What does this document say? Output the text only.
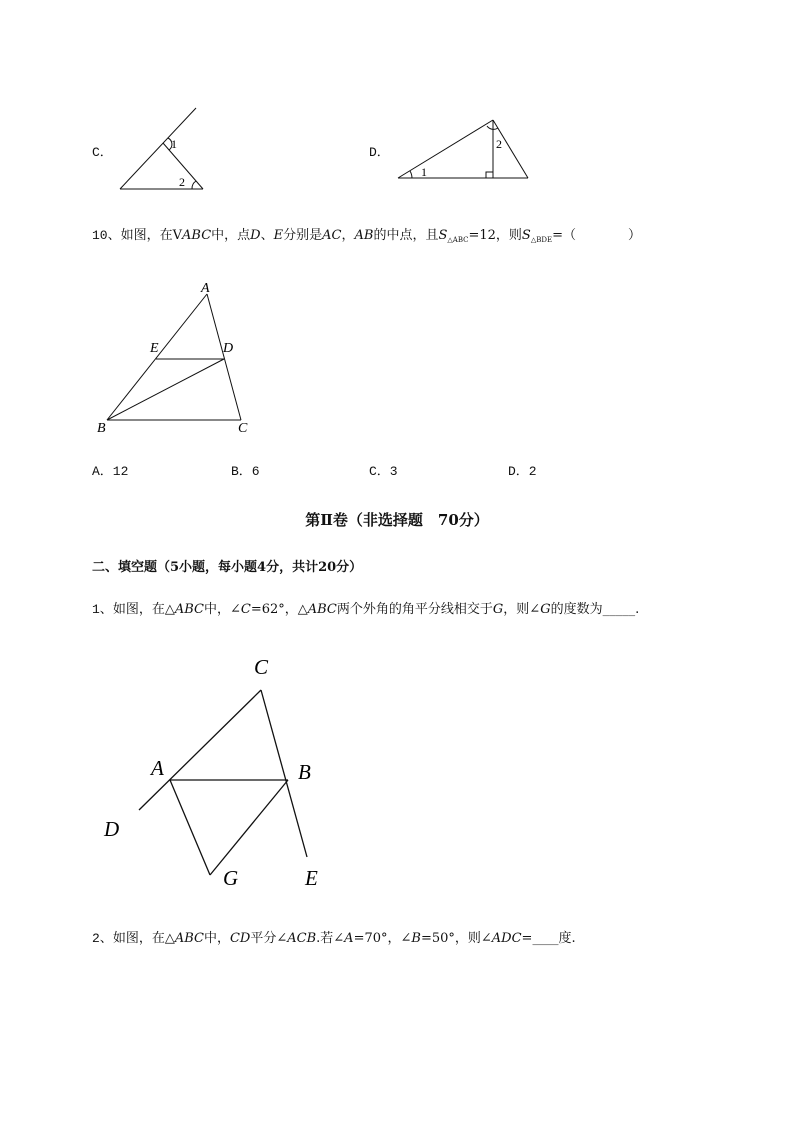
C．
1
2
D．
1
2
10、如图，在VABC中，点D、E分别是AC，AB的中点，且$S_{\triangle ABC}=12$，则$S_{\triangle BDE}=$（　　　　）
A
E	D
B	C
A．12	B．6	C．3	D．2
第Ⅱ卷（非选择题　70分）
二、填空题（5小题，每小题4分，共计20分）
1、如图，在△ABC中，∠C=62°，△ABC两个外角的角平分线相交于G，则∠G的度数为_____.
C
A	B
D
G	E
2、如图，在△ABC中，CD平分∠ACB.若∠A=70°，∠B=50°，则∠ADC=____度.
